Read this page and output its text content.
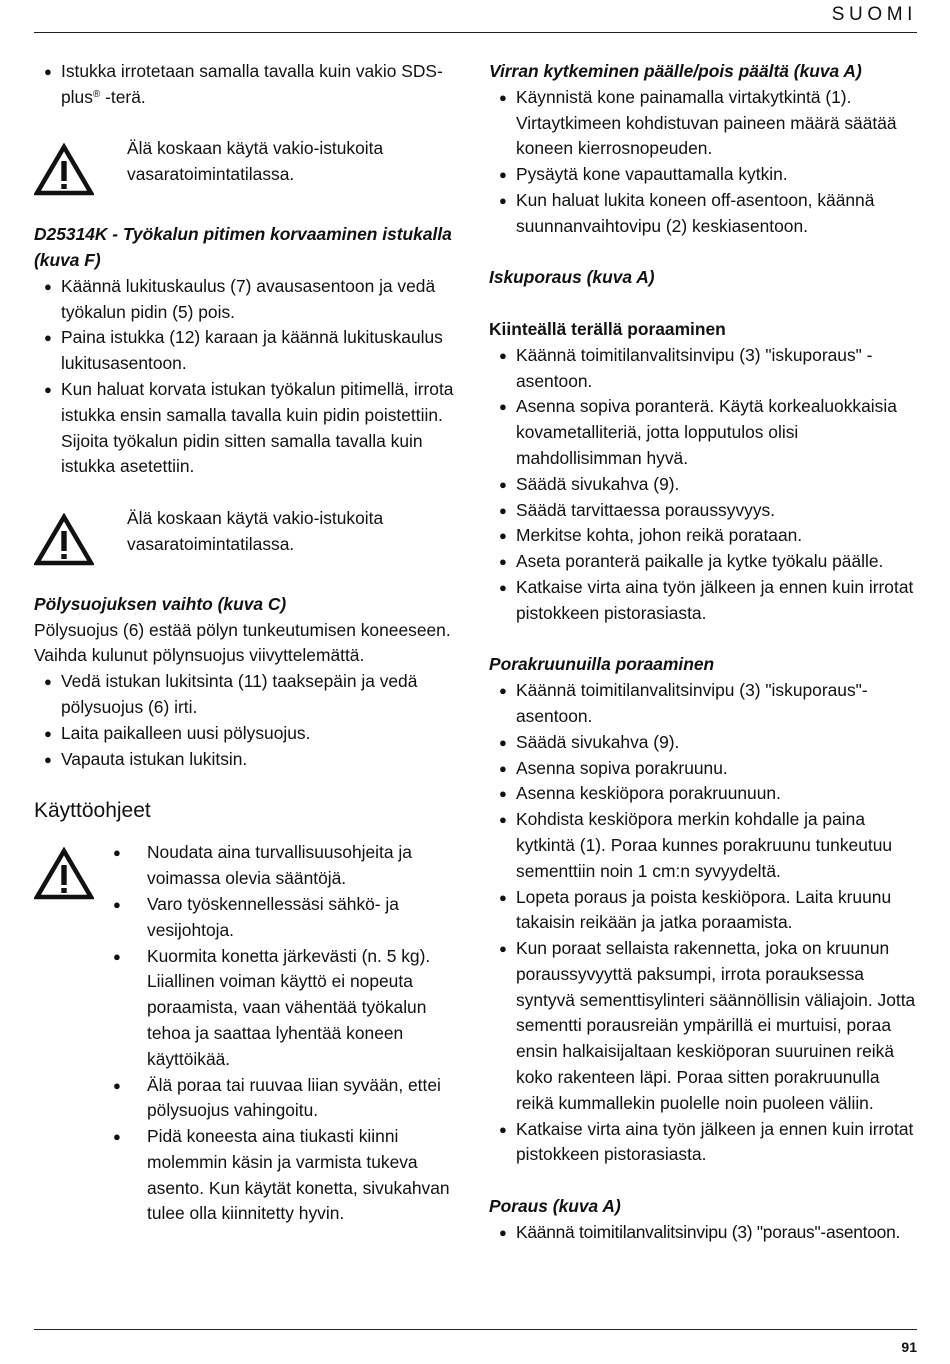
SUOMI
● Istukka irrotetaan samalla tavalla kuin vakio SDS-plus® -terä.

Älä koskaan käytä vakio-istukoita vasaratoimintatilassa.

D25314K - Työkalun pitimen korvaaminen istukalla (kuva F)

● Käännä lukituskaulus (7) avausasentoon ja vedä työkalun pidin (5) pois.
● Paina istukka (12) karaan ja käännä lukituskaulus lukitusasentoon.
● Kun haluat korvata istukan työkalun pitimellä, irrota istukka ensin samalla tavalla kuin pidin poistettiin. Sijoita työkalun pidin sitten samalla tavalla kuin istukka asetettiin.

Älä koskaan käytä vakio-istukoita vasaratoimintatilassa.

Pölysuojuksen vaihto (kuva C)

Pölysuojus (6) estää pölyn tunkeutumisen koneeseen. Vaihda kulunut pölynsuojus viivyttelemättä.

● Vedä istukan lukitsinta (11) taaksepäin ja vedä pölysuojus (6) irti.
● Laita paikalleen uusi pölysuojus.
● Vapauta istukan lukitsin.

Käyttöohjeet

● Noudata aina turvallisuusohjeita ja voimassa olevia sääntöjä.
● Varo työskennellessäsi sähkö- ja vesijohtoja.
● Kuormita konetta järkevästi (n. 5 kg). Liiallinen voiman käyttö ei nopeuta poraamista, vaan vähentää työkalun tehoa ja saattaa lyhentää koneen käyttöikää.
● Älä poraa tai ruuvaa liian syvään, ettei pölysuojus vahingoitu.
● Pidä koneesta aina tiukasti kiinni molemmin käsin ja varmista tukeva asento. Kun käytät konetta, sivukahvan tulee olla kiinnitetty hyvin.

Virran kytkeminen päälle/pois päältä (kuva A)

● Käynnistä kone painamalla virtakytkintä (1). Virtaytkimeen kohdistuvan paineen määrä säätää koneen kierrosnopeuden.
● Pysäytä kone vapauttamalla kytkin.
● Kun haluat lukita koneen off-asentoon, käännä suunnanvaihtovipu (2) keskiasentoon.

Iskuporaus (kuva A)

Kiinteällä terällä poraaminen

● Käännä toimitilanvalitsinvipu (3) "iskuporaus" -asentoon.
● Asenna sopiva poranterä. Käytä korkealuokkaisia kovametalliteriä, jotta lopputulos olisi mahdollisimman hyvä.
● Säädä sivukahva (9).
● Säädä tarvittaessa poraussyvyys.
● Merkitse kohta, johon reikä porataan.
● Aseta poranterä paikalle ja kytke työkalu päälle.
● Katkaise virta aina työn jälkeen ja ennen kuin irrotat pistokkeen pistorasiasta.

Porakruunuilla poraaminen

● Käännä toimitilanvalitsinvipu (3) "iskuporaus"-asentoon.
● Säädä sivukahva (9).
● Asenna sopiva porakruunu.
● Asenna keskiöpora porakruunuun.
● Kohdista keskiöpora merkin kohdalle ja paina kytkintä (1). Poraa kunnes porakruunu tunkeutuu sementtiin noin 1 cm:n syvyydeltä.
● Lopeta poraus ja poista keskiöpora. Laita kruunu takaisin reikään ja jatka poraamista.
● Kun poraat sellaista rakennetta, joka on kruunun poraussyvyyttä paksumpi, irrota porauksessa syntyvä sementtisylinteri säännöllisin väliajoin. Jotta sementti porausreiän ympärillä ei murtuisi, poraa ensin halkaisijaltaan keskiöporan suuruinen reikä koko rakenteen läpi. Poraa sitten porakruunulla reikä kummallekin puolelle noin puoleen väliin.
● Katkaise virta aina työn jälkeen ja ennen kuin irrotat pistokkeen pistorasiasta.

Poraus (kuva A)

● Käännä toimitilanvalitsinvipu (3) "poraus"-asentoon.
91
